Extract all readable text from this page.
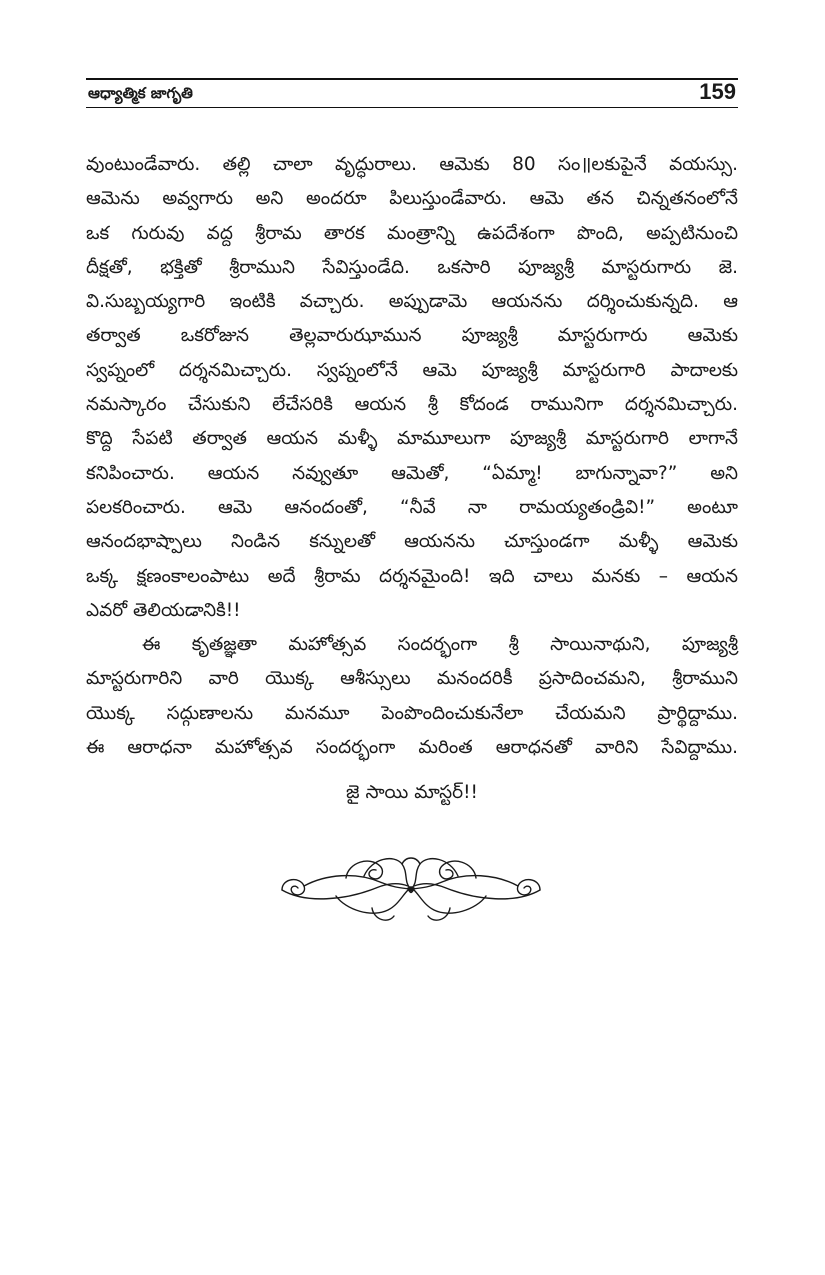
ఆధ్యాత్మిక జాగృతి	159
వుంటుండేవారు. తల్లి చాలా వృద్ధురాలు. ఆమెకు 80 సం॥లకుపైనే వయస్సు.
ఆమెను అవ్వగారు అని అందరూ పిలుస్తుండేవారు. ఆమె తన చిన్నతనంలోనే
ఒక గురువు వద్ద శ్రీరామ తారక మంత్రాన్ని ఉపదేశంగా పొంది, అప్పటినుంచి
దీక్షతో, భక్తితో శ్రీరాముని సేవిస్తుండేది. ఒకసారి పూజ్యశ్రీ మాస్టరుగారు జె.
వి.సుబ్బయ్యగారి ఇంటికి వచ్చారు. అప్పుడామె ఆయనను దర్శించుకున్నది. ఆ
తర్వాత ఒకరోజున తెల్లవారుఝామున పూజ్యశ్రీ మాస్టరుగారు ఆమెకు
స్వప్నంలో దర్శనమిచ్చారు. స్వప్నంలోనే ఆమె పూజ్యశ్రీ మాస్టరుగారి పాదాలకు
నమస్కారం చేసుకుని లేచేసరికి ఆయన శ్రీ కోదండ రామునిగా దర్శనమిచ్చారు.
కొద్ది సేపటి తర్వాత ఆయన మళ్ళీ మామూలుగా పూజ్యశ్రీ మాస్టరుగారి లాగానే
కనిపించారు. ఆయన నవ్వుతూ ఆమెతో, “ఏమ్మా! బాగున్నావా?” అని
పలకరించారు. ఆమె ఆనందంతో, “నీవే నా రామయ్యతండ్రివి!” అంటూ
ఆనందభాష్పాలు నిండిన కన్నులతో ఆయనను చూస్తుండగా మళ్ళీ ఆమెకు
ఒక్క క్షణంకాలంపాటు అదే శ్రీరామ దర్శనమైంది! ఇది చాలు మనకు – ఆయన
ఎవరో తెలియడానికి!!
ఈ కృతజ్ఞతా మహోత్సవ సందర్భంగా శ్రీ సాయినాథుని, పూజ్యశ్రీ
మాస్టరుగారిని వారి యొక్క ఆశీస్సులు మనందరికీ ప్రసాదించమని, శ్రీరాముని
యొక్క సద్గుణాలను మనమూ పెంపొందించుకునేలా చేయమని ప్రార్థిద్దాము.
ఈ ఆరాధనా మహోత్సవ సందర్భంగా మరింత ఆరాధనతో వారిని సేవిద్దాము.
జై సాయి మాస్టర్!!
